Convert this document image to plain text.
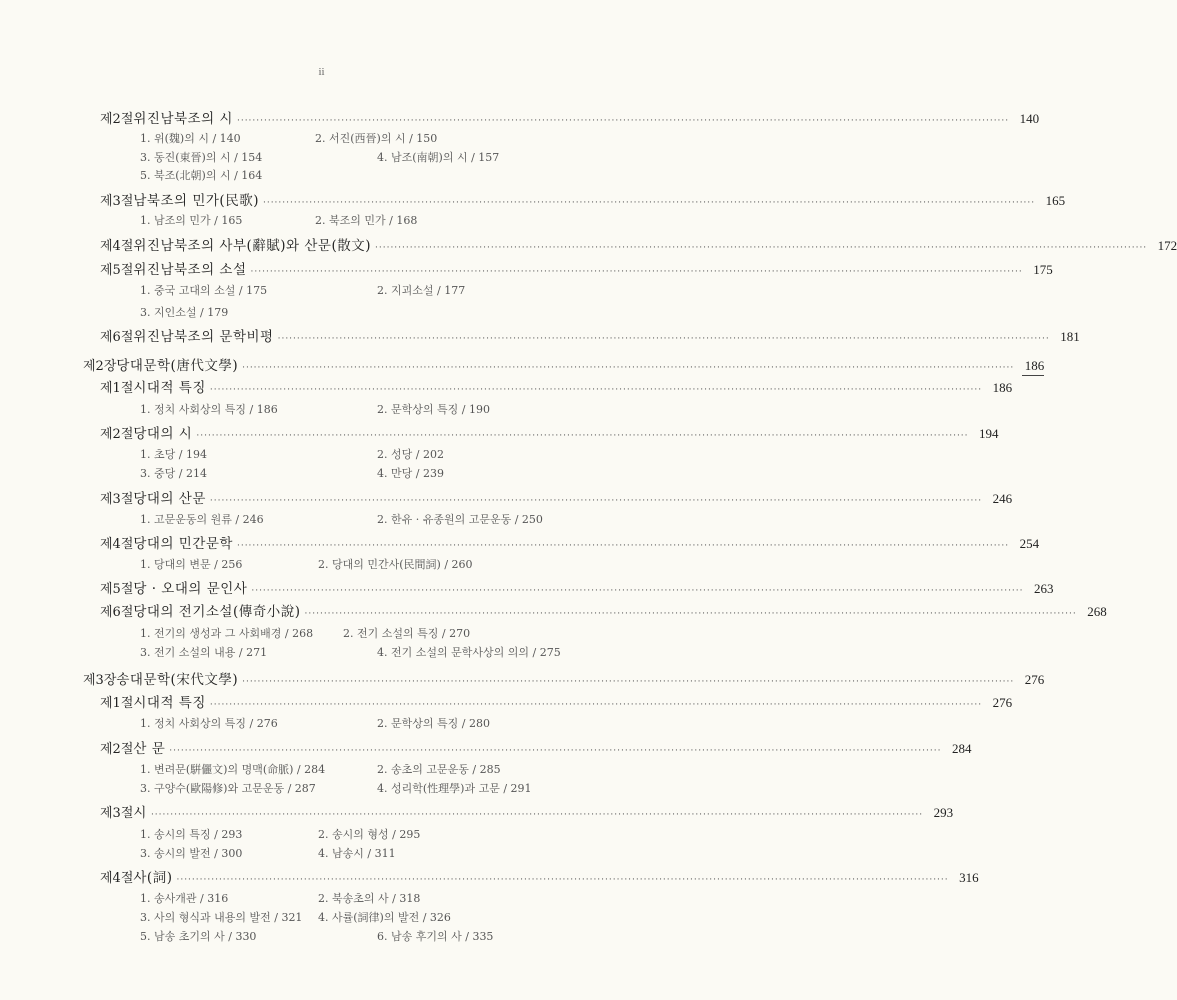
ii
제2절 위진남북조의 시 ········································································································································································································ 140
1. 위(魏)의 시 / 140	2. 서진(西晉)의 시 / 150
3. 동진(東晉)의 시 / 154	4. 남조(南朝)의 시 / 157
5. 북조(北朝)의 시 / 164
제3절 남북조의 민가(民歌) ········································································································································································································ 165
1. 남조의 민가 / 165	2. 북조의 민가 / 168
제4절 위진남북조의 사부(辭賦)와 산문(散文) ········································································································································································································ 172
제5절 위진남북조의 소설 ········································································································································································································ 175
1. 중국 고대의 소설 / 175	2. 지괴소설 / 177
3. 지인소설 / 179
제6절 위진남북조의 문학비평 ········································································································································································································ 181
제2장 당대문학(唐代文學) ········································································································································································································ 186
제1절 시대적 특징 ········································································································································································································ 186
1. 정치 사회상의 특징 / 186	2. 문학상의 특징 / 190
제2절 당대의 시 ········································································································································································································ 194
1. 초당 / 194	2. 성당 / 202
3. 중당 / 214	4. 만당 / 239
제3절 당대의 산문 ········································································································································································································ 246
1. 고문운동의 원류 / 246	2. 한유 · 유종원의 고문운동 / 250
제4절 당대의 민간문학 ········································································································································································································ 254
1. 당대의 변문 / 256	2. 당대의 민간사(民間詞) / 260
제5절 당 · 오대의 문인사 ········································································································································································································ 263
제6절 당대의 전기소설(傳奇小說) ········································································································································································································ 268
1. 전기의 생성과 그 사회배경 / 268	2. 전기 소설의 특징 / 270
3. 전기 소설의 내용 / 271	4. 전기 소설의 문학사상의 의의 / 275
제3장 송대문학(宋代文學) ········································································································································································································ 276
제1절 시대적 특징 ········································································································································································································ 276
1. 정치 사회상의 특징 / 276	2. 문학상의 특징 / 280
제2절 산 문 ········································································································································································································ 284
1. 변려문(騈儷文)의 명맥(命脈) / 284	2. 송초의 고문운동 / 285
3. 구양수(歐陽修)와 고문운동 / 287	4. 성리학(性理學)과 고문 / 291
제3절 시 ········································································································································································································ 293
1. 송시의 특징 / 293	2. 송시의 형성 / 295
3. 송시의 발전 / 300	4. 남송시 / 311
제4절 사(詞) ········································································································································································································ 316
1. 송사개관 / 316	2. 북송초의 사 / 318
3. 사의 형식과 내용의 발전 / 321 4. 사률(詞律)의 발전 / 326
5. 남송 초기의 사 / 330	6. 남송 후기의 사 / 335
